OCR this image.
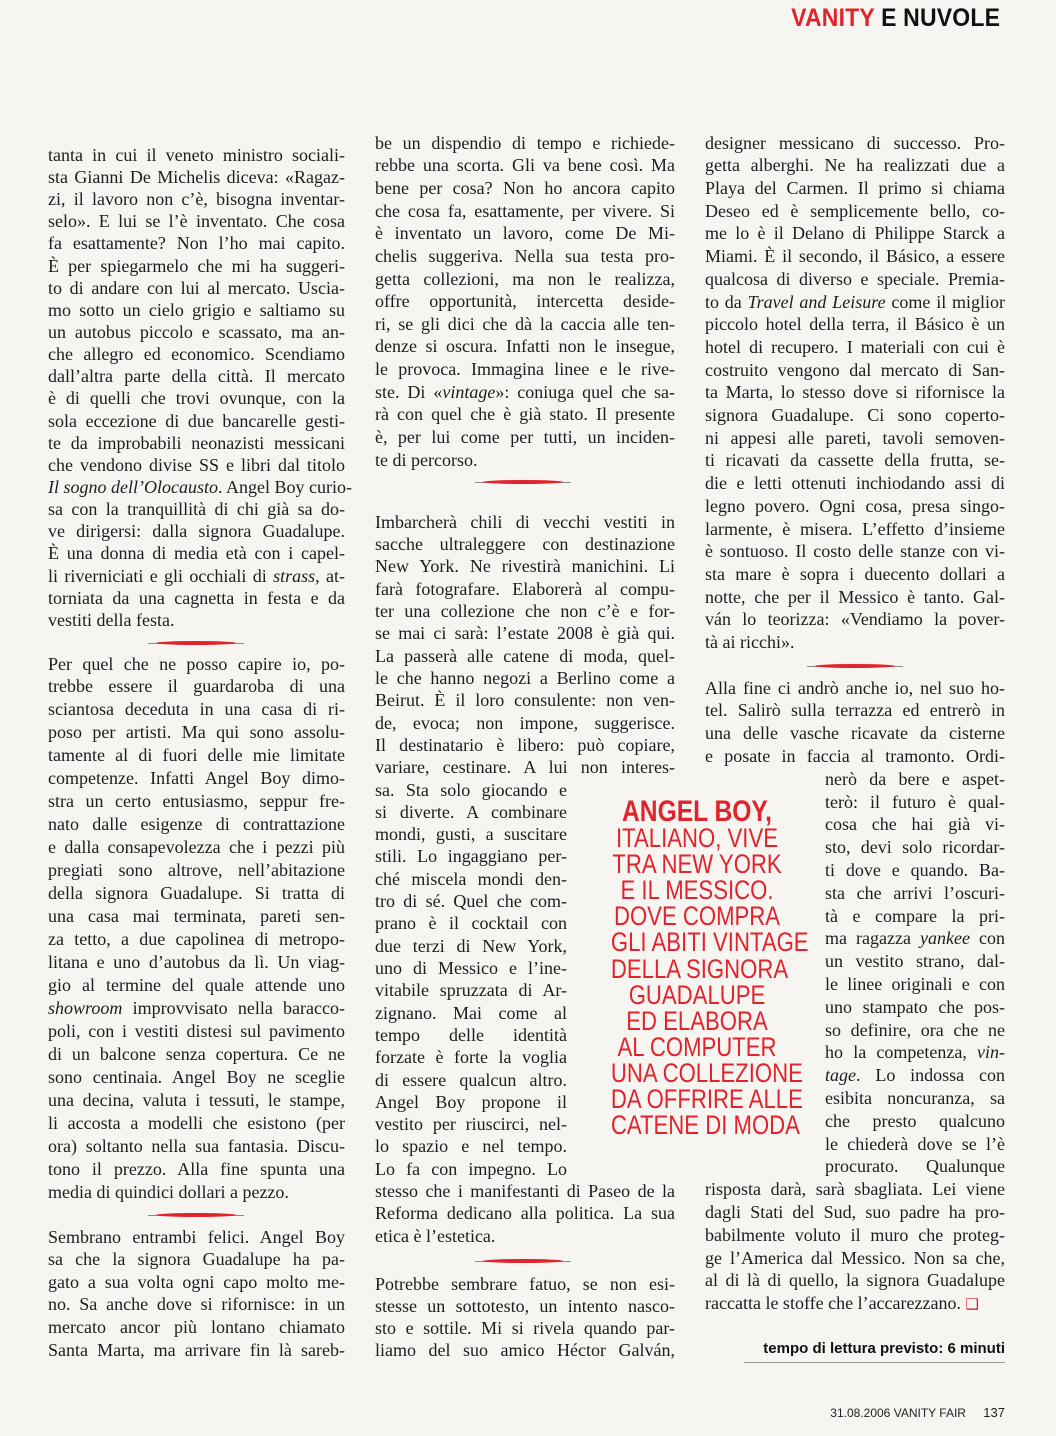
VANITY E NUVOLE
tanta in cui il veneto ministro sociali-
sta Gianni De Michelis diceva: «Ragaz-
zi, il lavoro non c’è, bisogna inventar-
selo». E lui se l’è inventato. Che cosa
fa esattamente? Non l’ho mai capito.
È per spiegarmelo che mi ha suggeri-
to di andare con lui al mercato. Uscia-
mo sotto un cielo grigio e saltiamo su
un autobus piccolo e scassato, ma an-
che allegro ed economico. Scendiamo
dall’altra parte della città. Il mercato
è di quelli che trovi ovunque, con la
sola eccezione di due bancarelle gesti-
te da improbabili neonazisti messicani
che vendono divise SS e libri dal titolo
Il sogno dell’Olocausto. Angel Boy curio-
sa con la tranquillità di chi già sa do-
ve dirigersi: dalla signora Guadalupe.
È una donna di media età con i capel-
li riverniciati e gli occhiali di strass, at-
torniata da una cagnetta in festa e da
vestiti della festa.
Per quel che ne posso capire io, po-
trebbe essere il guardaroba di una
sciantosa deceduta in una casa di ri-
poso per artisti. Ma qui sono assolu-
tamente al di fuori delle mie limitate
competenze. Infatti Angel Boy dimo-
stra un certo entusiasmo, seppur fre-
nato dalle esigenze di contrattazione
e dalla consapevolezza che i pezzi più
pregiati sono altrove, nell’abitazione
della signora Guadalupe. Si tratta di
una casa mai terminata, pareti sen-
za tetto, a due capolinea di metropo-
litana e uno d’autobus da lì. Un viag-
gio al termine del quale attende uno
showroom improvvisato nella baracco-
poli, con i vestiti distesi sul pavimento
di un balcone senza copertura. Ce ne
sono centinaia. Angel Boy ne sceglie
una decina, valuta i tessuti, le stampe,
li accosta a modelli che esistono (per
ora) soltanto nella sua fantasia. Discu-
tono il prezzo. Alla fine spunta una
media di quindici dollari a pezzo.
Sembrano entrambi felici. Angel Boy
sa che la signora Guadalupe ha pa-
gato a sua volta ogni capo molto me-
no. Sa anche dove si rifornisce: in un
mercato ancor più lontano chiamato
Santa Marta, ma arrivare fin là sareb-
be un dispendio di tempo e richiede-
rebbe una scorta. Gli va bene così. Ma
bene per cosa? Non ho ancora capito
che cosa fa, esattamente, per vivere. Si
è inventato un lavoro, come De Mi-
chelis suggeriva. Nella sua testa pro-
getta collezioni, ma non le realizza,
offre opportunità, intercetta deside-
ri, se gli dici che dà la caccia alle ten-
denze si oscura. Infatti non le insegue,
le provoca. Immagina linee e le rive-
ste. Di «vintage»: coniuga quel che sa-
rà con quel che è già stato. Il presente
è, per lui come per tutti, un inciden-
te di percorso.
Imbarcherà chili di vecchi vestiti in
sacche ultraleggere con destinazione
New York. Ne rivestirà manichini. Li
farà fotografare. Elaborerà al compu-
ter una collezione che non c’è e for-
se mai ci sarà: l’estate 2008 è già qui.
La passerà alle catene di moda, quel-
le che hanno negozi a Berlino come a
Beirut. È il loro consulente: non ven-
de, evoca; non impone, suggerisce.
Il destinatario è libero: può copiare,
variare, cestinare. A lui non interes-
sa. Sta solo giocando e
si diverte. A combinare
mondi, gusti, a suscitare
stili. Lo ingaggiano per-
ché miscela mondi den-
tro di sé. Quel che com-
prano è il cocktail con
due terzi di New York,
uno di Messico e l’ine-
vitabile spruzzata di Ar-
zignano. Mai come al
tempo delle identità
forzate è forte la voglia
di essere qualcun altro.
Angel Boy propone il
vestito per riuscirci, nel-
lo spazio e nel tempo.
Lo fa con impegno. Lo
stesso che i manifestanti di Paseo de la
Reforma dedicano alla politica. La sua
etica è l’estetica.
Potrebbe sembrare fatuo, se non esi-
stesse un sottotesto, un intento nasco-
sto e sottile. Mi si rivela quando par-
liamo del suo amico Héctor Galván,
designer messicano di successo. Pro-
getta alberghi. Ne ha realizzati due a
Playa del Carmen. Il primo si chiama
Deseo ed è semplicemente bello, co-
me lo è il Delano di Philippe Starck a
Miami. È il secondo, il Básico, a essere
qualcosa di diverso e speciale. Premia-
to da Travel and Leisure come il miglior
piccolo hotel della terra, il Básico è un
hotel di recupero. I materiali con cui è
costruito vengono dal mercato di San-
ta Marta, lo stesso dove si rifornisce la
signora Guadalupe. Ci sono coperto-
ni appesi alle pareti, tavoli semoven-
ti ricavati da cassette della frutta, se-
die e letti ottenuti inchiodando assi di
legno povero. Ogni cosa, presa singo-
larmente, è misera. L’effetto d’insieme
è sontuoso. Il costo delle stanze con vi-
sta mare è sopra i duecento dollari a
notte, che per il Messico è tanto. Gal-
ván lo teorizza: «Vendiamo la pover-
tà ai ricchi».
Alla fine ci andrò anche io, nel suo ho-
tel. Salirò sulla terrazza ed entrerò in
una delle vasche ricavate da cisterne
e posate in faccia al tramonto. Ordi-
nerò da bere e aspet-
terò: il futuro è qual-
cosa che hai già vi-
sto, devi solo ricordar-
ti dove e quando. Ba-
sta che arrivi l’oscuri-
tà e compare la pri-
ma ragazza yankee con
un vestito strano, dal-
le linee originali e con
uno stampato che pos-
so definire, ora che ne
ho la competenza, vin-
tage. Lo indossa con
esibita noncuranza, sa
che presto qualcuno
le chiederà dove se l’è
procurato. Qualunque
risposta darà, sarà sbagliata. Lei viene
dagli Stati del Sud, suo padre ha pro-
babilmente voluto il muro che proteg-
ge l’America dal Messico. Non sa che,
al di là di quello, la signora Guadalupe
raccatta le stoffe che l’accarezzano. ❑
ANGEL BOY,
ITALIANO, VIVE
TRA NEW YORK
E IL MESSICO.
DOVE COMPRA
GLI ABITI VINTAGE
DELLA SIGNORA
GUADALUPE
ED ELABORA
AL COMPUTER
UNA COLLEZIONE
DA OFFRIRE ALLE
CATENE DI MODA
tempo di lettura previsto: 6 minuti
31.08.2006 VANITY FAIR 137
